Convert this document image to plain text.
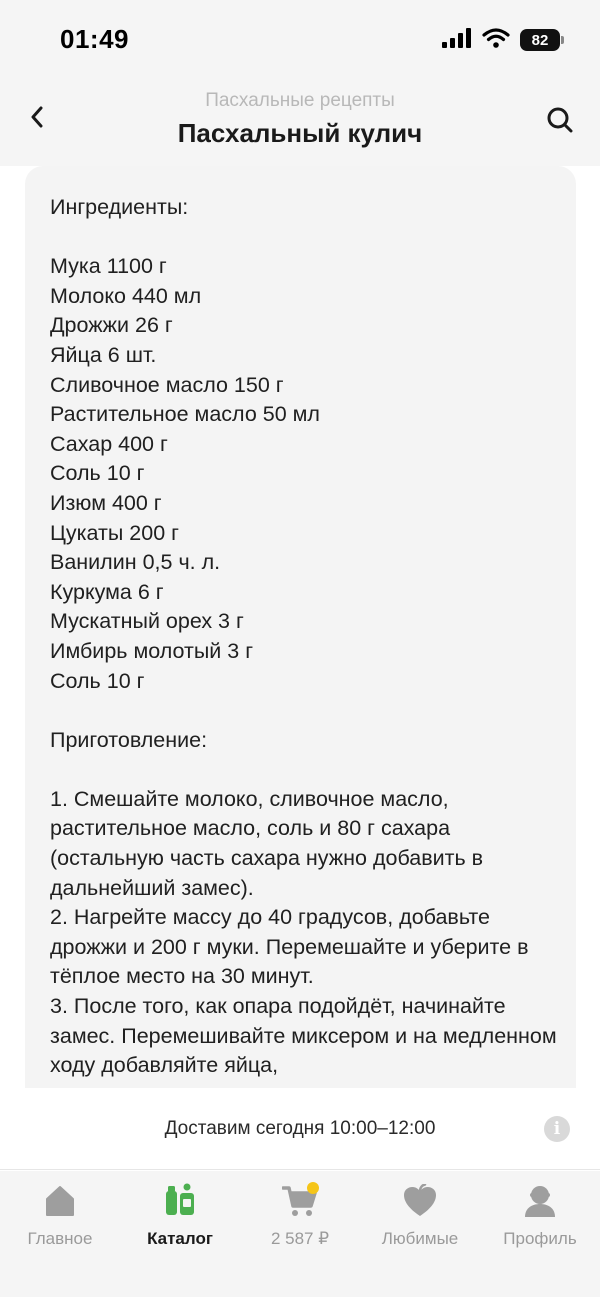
01:49	82
Пасхальные рецепты
Пасхальный кулич

Ингредиенты:

Мука 1100 г

Молоко 440 мл

Дрожжи 26 г

Яйца 6 шт.

Сливочное масло 150 г

Растительное масло 50 мл

Сахар 400 г

Соль 10 г

Изюм 400 г

Цукаты 200 г

Ванилин 0,5 ч. л.

Куркума 6 г

Мускатный орех 3 г

Имбирь молотый 3 г

Соль 10 г

Приготовление:

1. Смешайте молоко, сливочное масло, растительное масло, соль и 80 г сахара (остальную часть сахара нужно добавить в дальнейший замес).

2. Нагрейте массу до 40 градусов, добавьте дрожжи и 200 г муки. Перемешайте и уберите в тёплое место на 30 минут.

3. После того, как опара подойдёт, начинайте замес. Перемешивайте миксером и на медленном ходу добавляйте яйца,

Доставим сегодня 10:00–12:00	i
Главное	Каталог	2 587 ₽	Любимые	Профиль
